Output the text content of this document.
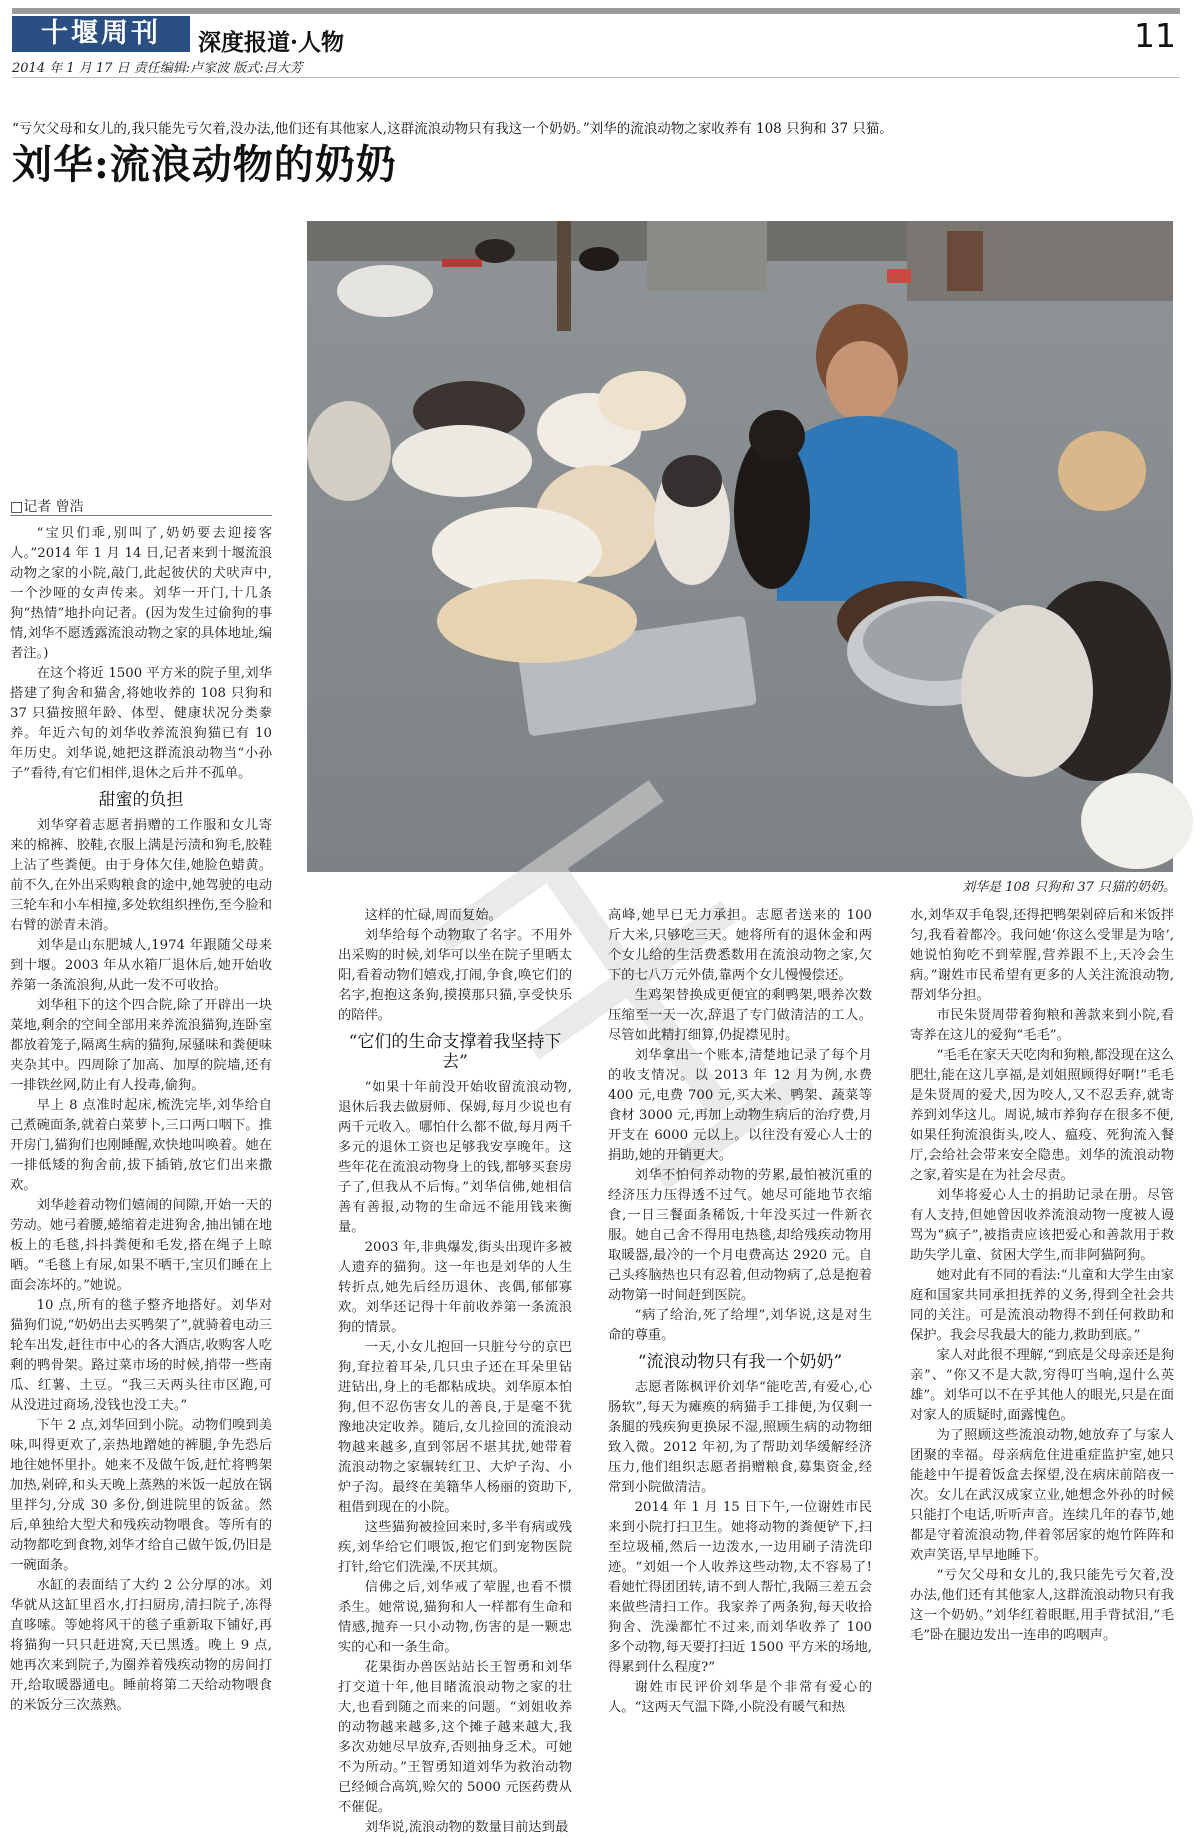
十堰周刊	深度报道·人物	11
2014 年 1 月 17 日 责任编辑:卢家波 版式:吕大芳
“亏欠父母和女儿的,我只能先亏欠着,没办法,他们还有其他家人,这群流浪动物只有我这一个奶奶。”刘华的流浪动物之家收养有 108 只狗和 37 只猫。
刘华:流浪动物的奶奶
刘华是 108 只狗和 37 只猫的奶奶。
□记者 曾浩

“宝贝们乖,别叫了,奶奶要去迎接客人。”2014 年 1 月 14 日,记者来到十堰流浪动物之家的小院,敲门,此起彼伏的犬吠声中,一个沙哑的女声传来。刘华一开门,十几条狗“热情”地扑向记者。(因为发生过偷狗的事情,刘华不愿透露流浪动物之家的具体地址,编者注。)

在这个将近 1500 平方米的院子里,刘华搭建了狗舍和猫舍,将她收养的 108 只狗和 37 只猫按照年龄、体型、健康状况分类豢养。年近六旬的刘华收养流浪狗猫已有 10 年历史。刘华说,她把这群流浪动物当“小孙子”看待,有它们相伴,退休之后并不孤单。

甜蜜的负担

刘华穿着志愿者捐赠的工作服和女儿寄来的棉裤、胶鞋,衣服上满是污渍和狗毛,胶鞋上沾了些粪便。由于身体欠佳,她脸色蜡黄。前不久,在外出采购粮食的途中,她驾驶的电动三轮车和小车相撞,多处软组织挫伤,至今脸和右臂的淤青未消。

刘华是山东肥城人,1974 年跟随父母来到十堰。2003 年从水箱厂退休后,她开始收养第一条流浪狗,从此一发不可收拾。

刘华租下的这个四合院,除了开辟出一块菜地,剩余的空间全部用来养流浪猫狗,连卧室都放着笼子,隔离生病的猫狗,尿骚味和粪便味夹杂其中。四周除了加高、加厚的院墙,还有一排铁丝网,防止有人投毒,偷狗。

早上 8 点准时起床,梳洗完毕,刘华给自己煮碗面条,就着白菜萝卜,三口两口咽下。推开房门,猫狗们也刚睡醒,欢快地叫唤着。她在一排低矮的狗舍前,拔下插销,放它们出来撒欢。

刘华趁着动物们嬉闹的间隙,开始一天的劳动。她弓着腰,蜷缩着走进狗舍,抽出铺在地板上的毛毯,抖抖粪便和毛发,搭在绳子上晾晒。“毛毯上有尿,如果不晒干,宝贝们睡在上面会冻坏的。”她说。

10 点,所有的毯子整齐地搭好。刘华对猫狗们说,“奶奶出去买鸭架了”,就骑着电动三轮车出发,赶往市中心的各大酒店,收购客人吃剩的鸭骨架。路过菜市场的时候,捎带一些南瓜、红薯、土豆。“我三天两头往市区跑,可从没进过商场,没钱也没工夫。”

下午 2 点,刘华回到小院。动物们嗅到美味,叫得更欢了,亲热地蹭她的裤腿,争先恐后地往她怀里扑。她来不及做午饭,赶忙将鸭架加热,剁碎,和头天晚上蒸熟的米饭一起放在锅里拌匀,分成 30 多份,倒进院里的饭盆。然后,单独给大型犬和残疾动物喂食。等所有的动物都吃到食物,刘华才给自己做午饭,仍旧是一碗面条。

水缸的表面结了大约 2 公分厚的冰。刘华就从这缸里舀水,打扫厨房,清扫院子,冻得直哆嗦。等她将风干的毯子重新取下铺好,再将猫狗一只只赶进窝,天已黑透。晚上 9 点,她再次来到院子,为圈养着残疾动物的房间打开,给取暖器通电。睡前将第二天给动物喂食的米饭分三次蒸熟。

这样的忙碌,周而复始。

刘华给每个动物取了名字。不用外出采购的时候,刘华可以坐在院子里晒太阳,看着动物们嬉戏,打闹,争食,唤它们的名字,抱抱这条狗,摸摸那只猫,享受快乐的陪伴。

“它们的生命支撑着我坚持下去”

“如果十年前没开始收留流浪动物,退休后我去做厨师、保姆,每月少说也有两千元收入。哪怕什么都不做,每月两千多元的退休工资也足够我安享晚年。这些年花在流浪动物身上的钱,都够买套房子了,但我从不后悔。”刘华信佛,她相信善有善报,动物的生命远不能用钱来衡量。

2003 年,非典爆发,街头出现许多被人遗弃的猫狗。这一年也是刘华的人生转折点,她先后经历退休、丧偶,郁郁寡欢。刘华还记得十年前收养第一条流浪狗的情景。

一天,小女儿抱回一只脏兮兮的京巴狗,耷拉着耳朵,几只虫子还在耳朵里钻进钻出,身上的毛都粘成块。刘华原本怕狗,但不忍伤害女儿的善良,于是毫不犹豫地决定收养。随后,女儿捡回的流浪动物越来越多,直到邻居不堪其扰,她带着流浪动物之家辗转红卫、大炉子沟、小炉子沟。最终在美籍华人杨丽的资助下,租借到现在的小院。

这些猫狗被捡回来时,多半有病或残疾,刘华给它们喂饭,抱它们到宠物医院打针,给它们洗澡,不厌其烦。

信佛之后,刘华戒了荤腥,也看不惯杀生。她常说,猫狗和人一样都有生命和情感,抛弃一只小动物,伤害的是一颗忠实的心和一条生命。

花果街办兽医站站长王智勇和刘华打交道十年,他目睹流浪动物之家的壮大,也看到随之而来的问题。“刘姐收养的动物越来越多,这个摊子越来越大,我多次劝她尽早放弃,否则抽身乏术。可她不为所动。”王智勇知道刘华为救治动物已经倾合高筑,赊欠的 5000 元医药费从不催促。

刘华说,流浪动物的数量目前达到最

高峰,她早已无力承担。志愿者送来的 100 斤大米,只够吃三天。她将所有的退休金和两个女儿给的生活费悉数用在流浪动物之家,欠下的七八万元外债,靠两个女儿慢慢偿还。

生鸡架替换成更便宜的剩鸭架,喂养次数压缩至一天一次,辞退了专门做清洁的工人。尽管如此精打细算,仍捉襟见肘。

刘华拿出一个账本,清楚地记录了每个月的收支情况。以 2013 年 12 月为例,水费 400 元,电费 700 元,买大米、鸭架、蔬菜等食材 3000 元,再加上动物生病后的治疗费,月开支在 6000 元以上。以往没有爱心人士的捐助,她的开销更大。

刘华不怕伺养动物的劳累,最怕被沉重的经济压力压得透不过气。她尽可能地节衣缩食,一日三餐面条稀饭,十年没买过一件新衣服。她自己舍不得用电热毯,却给残疾动物用取暖器,最冷的一个月电费高达 2920 元。自己头疼脑热也只有忍着,但动物病了,总是抱着动物第一时间赶到医院。

“病了给治,死了给埋”,刘华说,这是对生命的尊重。

“流浪动物只有我一个奶奶”

志愿者陈枫评价刘华“能吃苦,有爱心,心肠软”,每天为瘫痪的病猫手工排便,为仅剩一条腿的残疾狗更换尿不湿,照顾生病的动物细致入微。2012 年初,为了帮助刘华缓解经济压力,他们组织志愿者捐赠粮食,募集资金,经常到小院做清洁。

2014 年 1 月 15 日下午,一位谢姓市民来到小院打扫卫生。她将动物的粪便铲下,扫至垃圾桶,然后一边泼水,一边用刷子清洗印迹。“刘姐一个人收养这些动物,太不容易了!看她忙得团团转,请不到人帮忙,我隔三差五会来做些清扫工作。我家养了两条狗,每天收拾狗舍、洗澡都忙不过来,而刘华收养了 100 多个动物,每天要打扫近 1500 平方米的场地,得累到什么程度?”

谢姓市民评价刘华是个非常有爱心的人。“这两天气温下降,小院没有暖气和热

水,刘华双手龟裂,还得把鸭架剁碎后和米饭拌匀,我看着都冷。我问她‘你这么受罪是为啥’,她说怕狗吃不到荤腥,营养跟不上,天冷会生病。”谢姓市民希望有更多的人关注流浪动物,帮刘华分担。

市民朱贤周带着狗粮和善款来到小院,看寄养在这儿的爱狗“毛毛”。

“毛毛在家天天吃肉和狗粮,都没现在这么肥壮,能在这儿享福,是刘姐照顾得好啊!”毛毛是朱贤周的爱犬,因为咬人,又不忍丢弃,就寄养到刘华这儿。周说,城市养狗存在很多不便,如果任狗流浪街头,咬人、瘟疫、死狗流入餐厅,会给社会带来安全隐患。刘华的流浪动物之家,着实是在为社会尽责。

刘华将爱心人士的捐助记录在册。尽管有人支持,但她曾因收养流浪动物一度被人谩骂为“疯子”,被指责应该把爱心和善款用于救助失学儿童、贫困大学生,而非阿猫阿狗。

她对此有不同的看法:“儿童和大学生由家庭和国家共同承担抚养的义务,得到全社会共同的关注。可是流浪动物得不到任何救助和保护。我会尽我最大的能力,救助到底。”

家人对此很不理解,“到底是父母亲还是狗亲”、“你又不是大款,穷得叮当响,逞什么英雄”。刘华可以不在乎其他人的眼光,只是在面对家人的质疑时,面露愧色。

为了照顾这些流浪动物,她放弃了与家人团聚的幸福。母亲病危住进重症监护室,她只能趁中午提着饭盒去探望,没在病床前陪夜一次。女儿在武汉成家立业,她想念外孙的时候只能打个电话,听听声音。连续几年的春节,她都是守着流浪动物,伴着邻居家的炮竹阵阵和欢声笑语,早早地睡下。

“亏欠父母和女儿的,我只能先亏欠着,没办法,他们还有其他家人,这群流浪动物只有我这一个奶奶。”刘华红着眼眶,用手背拭泪,“毛毛”卧在腿边发出一连串的呜咽声。
